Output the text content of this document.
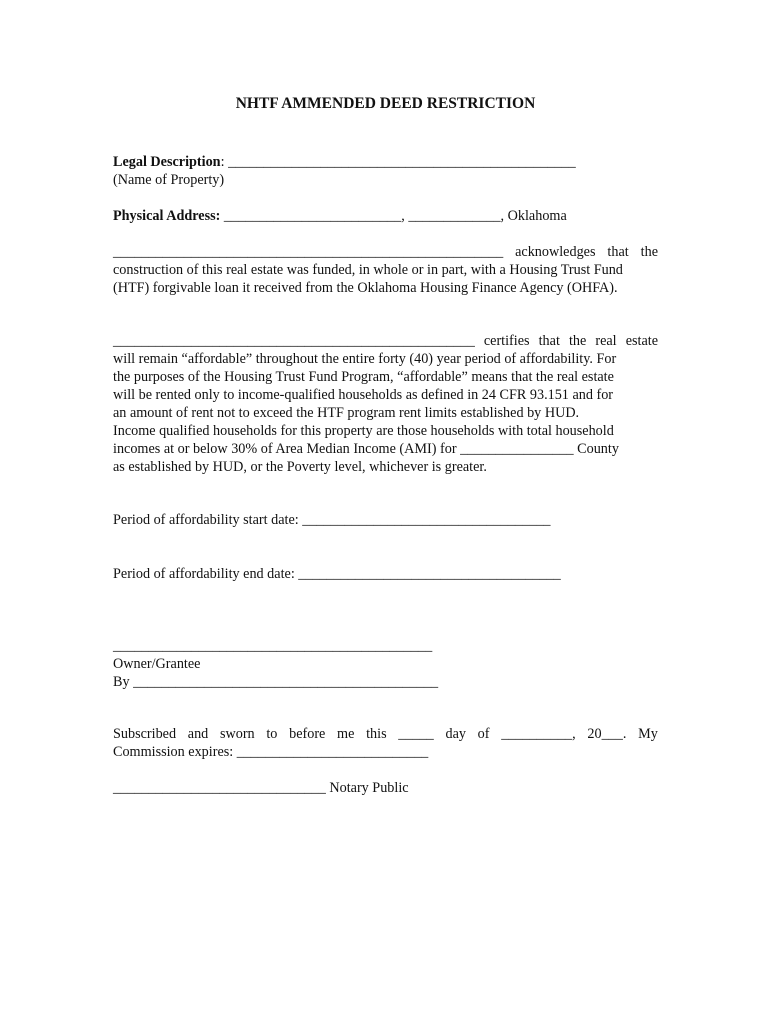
NHTF AMMENDED DEED RESTRICTION
Legal Description: _________________________________________________
(Name of Property)
Physical Address: _________________________, _____________, Oklahoma
_______________________________________________________ acknowledges that the
construction of this real estate was funded, in whole or in part, with a Housing Trust Fund
(HTF) forgivable loan it received from the Oklahoma Housing Finance Agency (OHFA).
___________________________________________________ certifies that the real estate
will remain “affordable” throughout the entire forty (40) year period of affordability. For
the purposes of the Housing Trust Fund Program, “affordable” means that the real estate
will be rented only to income-qualified households as defined in 24 CFR 93.151 and for
an amount of rent not to exceed the HTF program rent limits established by HUD.
Income qualified households for this property are those households with total household
incomes at or below 30% of Area Median Income (AMI) for ________________ County
as established by HUD, or the Poverty level, whichever is greater.
Period of affordability start date: ___________________________________
Period of affordability end date: _____________________________________
_____________________________________________
Owner/Grantee
By ___________________________________________
Subscribed and sworn to before me this _____ day of __________, 20___. My
Commission expires: ___________________________
______________________________ Notary Public
